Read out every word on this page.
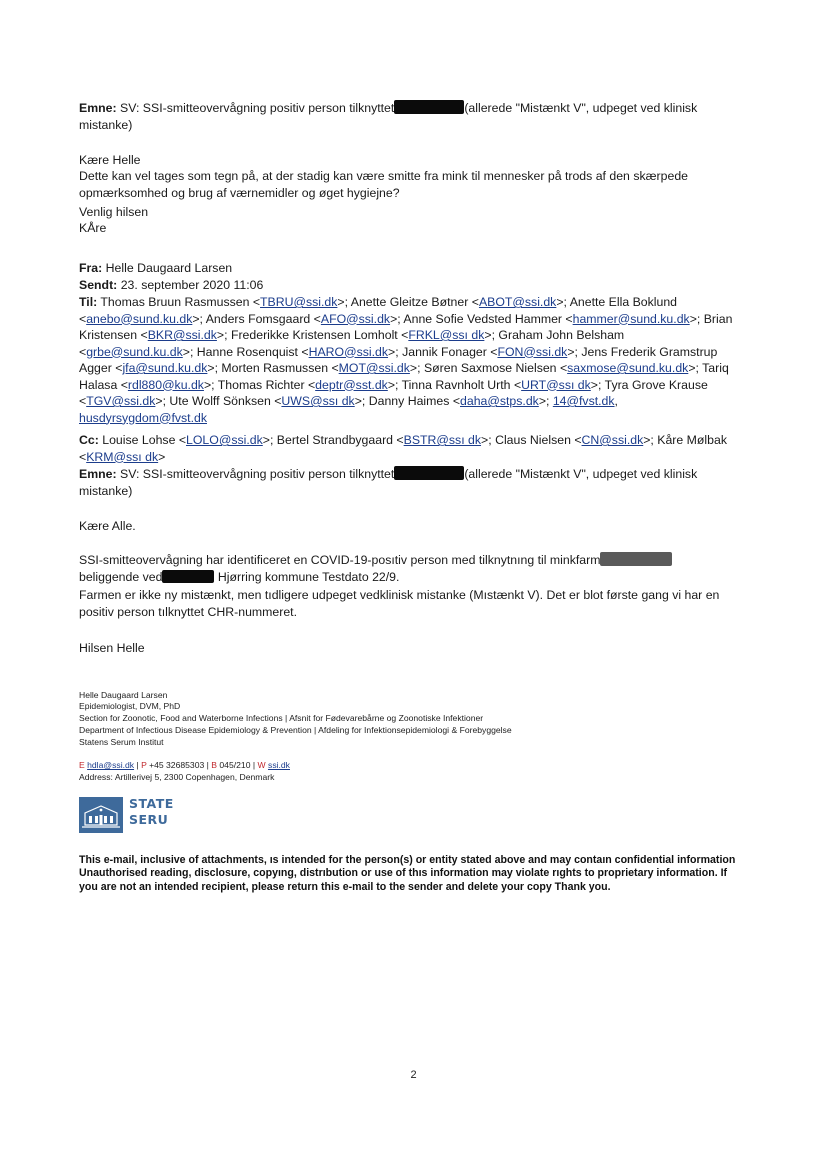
Emne: SV: SSI-smitteovervågning positiv person tilknyttet	(allerede "Mistænkt V", udpeget ved klinisk mistanke)
Kære Helle
Dette kan vel tages som tegn på, at der stadig kan være smitte fra mink til mennesker på trods af den skærpede opmærksomhed og brug af værnemidler og øget hygiejne?
Venlig hilsen
KÅre
Fra: Helle Daugaard Larsen
Sendt: 23. september 2020 11:06
Til: Thomas Bruun Rasmussen <TBRU@ssi.dk>; Anette Gleitze Bøtner <ABOT@ssi.dk>; Anette Ella Boklund <anebo@sund.ku.dk>; Anders Fomsgaard <AFO@ssi.dk>; Anne Sofie Vedsted Hammer <hammer@sund.ku.dk>; Brian Kristensen <BKR@ssi.dk>; Frederikke Kristensen Lomholt <FRKL@ssı dk>; Graham John Belsham <grbe@sund.ku.dk>; Hanne Rosenquist <HARO@ssi.dk>; Jannik Fonager <FON@ssi.dk>; Jens Frederik Gramstrup Agger <jfa@sund.ku.dk>; Morten Rasmussen <MOT@ssi.dk>; Søren Saxmose Nielsen <saxmose@sund.ku.dk>; Tariq Halasa <rdl880@ku.dk>; Thomas Richter <deptr@sst.dk>; Tinna Ravnholt Urth <URT@ssı dk>; Tyra Grove Krause <TGV@ssi.dk>; Ute Wolff Sönksen <UWS@ssı dk>; Danny Haimes <daha@stps.dk>; 14@fvst.dk, husdyrsygdom@fvst.dk
Cc: Louise Lohse <LOLO@ssi.dk>; Bertel Strandbygaard <BSTR@ssı dk>; Claus Nielsen <CN@ssi.dk>; Kåre Mølbak <KRM@ssı dk>
Emne: SV: SSI-smitteovervågning positiv person tilknyttet	(allerede "Mistænkt V", udpeget ved klinisk mistanke)
Kære Alle.
SSI-smitteovervågning har identificeret en COVID-19-posıtiv person med tilknytnıng til minkfarm
beliggende ved	Hjørring kommune Testdato 22/9.
Farmen er ikke ny mistænkt, men tıdligere udpeget vedklinisk mistanke (Mıstænkt V). Det er blot første gang vi har en positiv person tılknyttet CHR-nummeret.
Hilsen Helle
Helle Daugaard Larsen
Epidemiologist, DVM, PhD
Section for Zoonotic, Food and Waterborne Infections | Afsnit for Fødevarebårne og Zoonotiske Infektioner
Department of Infectious Disease Epidemiology & Prevention | Afdeling for Infektionsepidemiologi & Forebyggelse
Statens Serum Institut
E hdla@ssi.dk | P +45 32685303 | B 045/210 | W ssi.dk
Address: Artillerivej 5, 2300 Copenhagen, Denmark
STATE
SERU
This e-mail, inclusive of attachments, ıs intended for the person(s) or entity stated above and may contaın confidential information Unauthorised reading, disclosure, copyıng, distrıbution or use of thıs information may violate rıghts to proprietary information. If you are not an intended recipient, please return this e-mail to the sender and delete your copy Thank you.
2
